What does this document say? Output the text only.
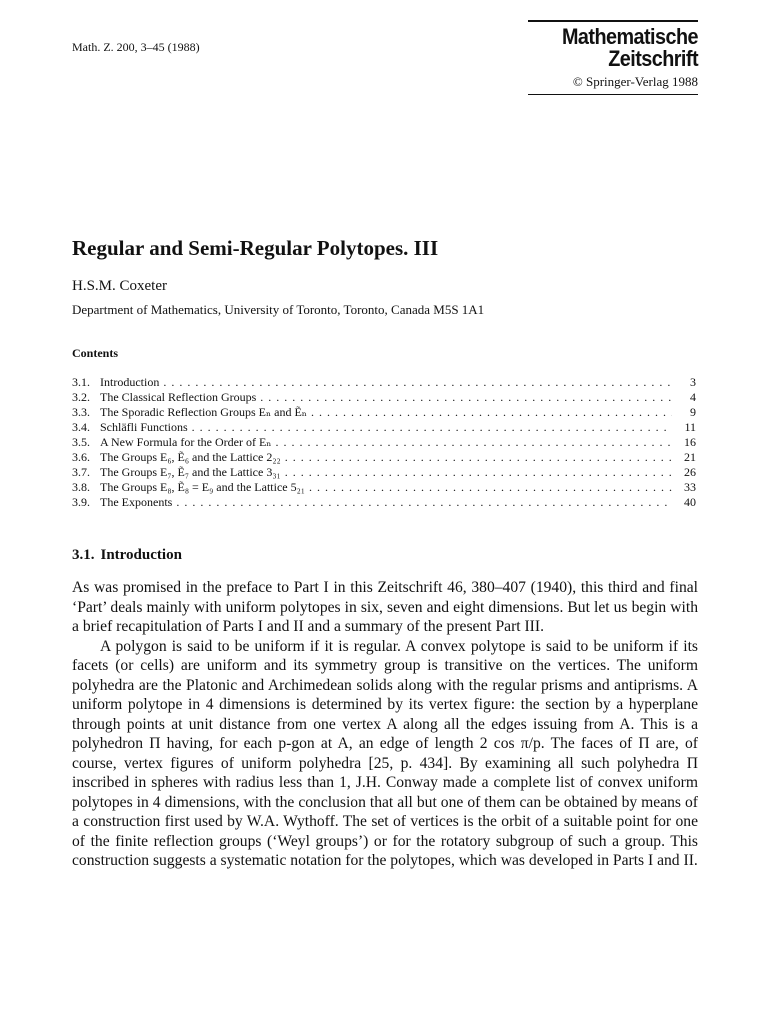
Math. Z. 200, 3–45 (1988)	Mathematische
Zeitschrift
© Springer-Verlag 1988
Regular and Semi-Regular Polytopes. III
H.S.M. Coxeter
Department of Mathematics, University of Toronto, Toronto, Canada M5S 1A1
Contents
3.1. Introduction . . .	3
3.2. The Classical Reflection Groups . . .	4
3.3. The Sporadic Reflection Groups Eₙ and Ẽₙ . . .	9
3.4. Schläfli Functions . . .	11
3.5. A New Formula for the Order of Eₙ . . .	16
3.6. The Groups E₆, Ẽ₆ and the Lattice 2₂₂ . . .	21
3.7. The Groups E₇, Ẽ₇ and the Lattice 3₃₁ . . .	26
3.8. The Groups E₈, Ẽ₈ = E₉ and the Lattice 5₂₁ . . .	33
3.9. The Exponents . . .	40
3.1. Introduction

As was promised in the preface to Part I in this Zeitschrift 46, 380–407 (1940), this third and final ‘Part’ deals mainly with uniform polytopes in six, seven and eight dimensions. But let us begin with a brief recapitulation of Parts I and II and a summary of the present Part III.

A polygon is said to be uniform if it is regular. A convex polytope is said to be uniform if its facets (or cells) are uniform and its symmetry group is transitive on the vertices. The uniform polyhedra are the Platonic and Archimedean solids along with the regular prisms and antiprisms. A uniform polytope in 4 dimensions is determined by its vertex figure: the section by a hyperplane through points at unit distance from one vertex A along all the edges issuing from A. This is a polyhedron Π having, for each p-gon at A, an edge of length 2 cos π/p. The faces of Π are, of course, vertex figures of uniform polyhedra [25, p. 434]. By examining all such polyhedra Π inscribed in spheres with radius less than 1, J.H. Conway made a complete list of convex uniform polytopes in 4 dimensions, with the conclusion that all but one of them can be obtained by means of a construction first used by W.A. Wythoff. The set of vertices is the orbit of a suitable point for one of the finite reflection groups (‘Weyl groups’) or for the rotatory subgroup of such a group. This construction suggests a systematic notation for the polytopes, which was developed in Parts I and II.
